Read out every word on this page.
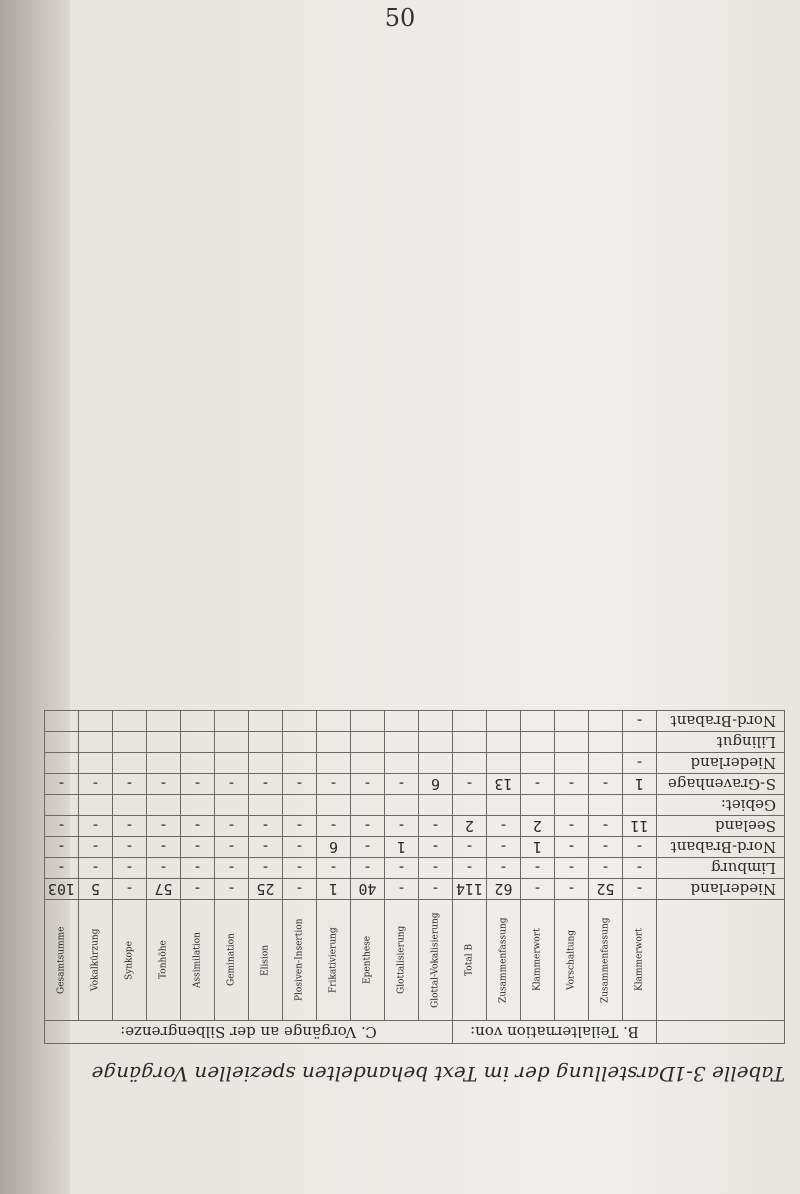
50
Tabelle 3-1
Darstellung der im Text behandelten speziellen Vorgänge
	B. Teilalternation von:						C. Vorgänge an der Silbengrenze:											
	Klammerwort	Zusammenfassung	Vorschaltung	Klammerwort	Zusammenfassung	Total B	Glottal-Vokalisierung	Glottalisierung	Epenthese	Frikativierung	Plosiven-Insertion	Elision	Gemination	Assimilation	Tonhöhe	Synkope	Vokalkürzung	Gesamtsumme
Niederland	-	52	-	-	62	114	-	-	40	1	-	25	-	-	57	-	5	103
Limburg	-	-	-	-	-	-	-	-	-	-	-	-	-	-	-	-	-	-
Nord-Brabant	-	-	-	1	-	-	-	1	-	6	-	-	-	-	-	-	-	-
Seeland	11	-	-	2	-	2	-	-	-	-	-	-	-	-	-	-	-	-
Gebiet:																		
S-Gravenhage	1	-	-	-	13	-	6	-	-	-	-	-	-	-	-	-	-	-
Niederland	-																	
Lilingut																		
Nord-Brabant	-																	
